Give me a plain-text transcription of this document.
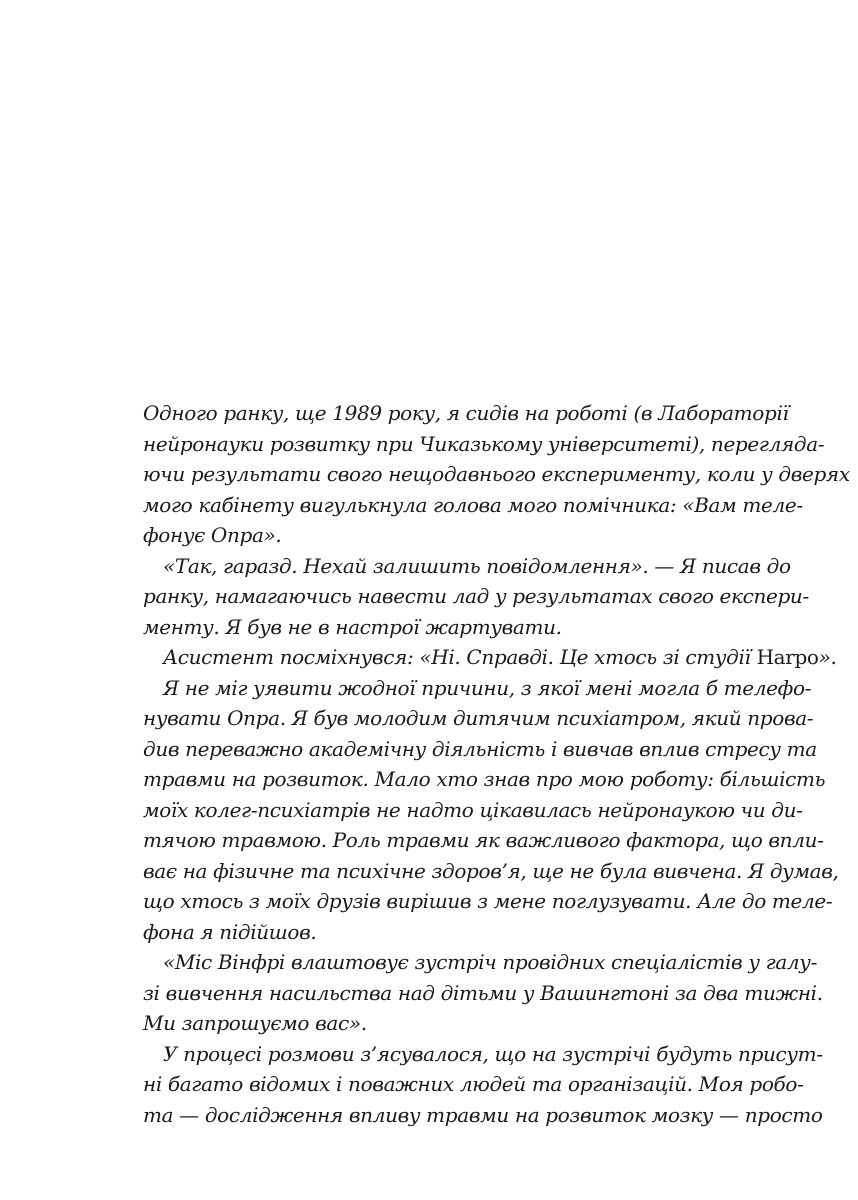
Одного ранку, ще 1989 року, я сидів на роботі (в Лабораторії
нейронауки розвитку при Чиказькому університеті), перегляда-
ючи результати свого нещодавнього експерименту, коли у дверях
мого кабінету вигулькнула голова мого помічника: «Вам теле-
фонує Опра».
«Так, гаразд. Нехай залишить повідомлення». — Я писав до
ранку, намагаючись навести лад у результатах свого експери-
менту. Я був не в настрої жартувати.
Асистент посміхнувся: «Ні. Справді. Це хтось зі студії Harpo».
Я не міг уявити жодної причини, з якої мені могла б телефо-
нувати Опра. Я був молодим дитячим психіатром, який прова-
див переважно академічну діяльність і вивчав вплив стресу та
травми на розвиток. Мало хто знав про мою роботу: більшість
моїх колег-психіатрів не надто цікавилась нейронаукою чи ди-
тячою травмою. Роль травми як важливого фактора, що впли-
ває на фізичне та психічне здоров’я, ще не була вивчена. Я думав,
що хтось з моїх друзів вирішив з мене поглузувати. Але до теле-
фона я підійшов.
«Міс Вінфрі влаштовує зустріч провідних спеціалістів у галу-
зі вивчення насильства над дітьми у Вашингтоні за два тижні.
Ми запрошуємо вас».
У процесі розмови з’ясувалося, що на зустрічі будуть присут-
ні багато відомих і поважних людей та організацій. Моя робо-
та — дослідження впливу травми на розвиток мозку — просто
